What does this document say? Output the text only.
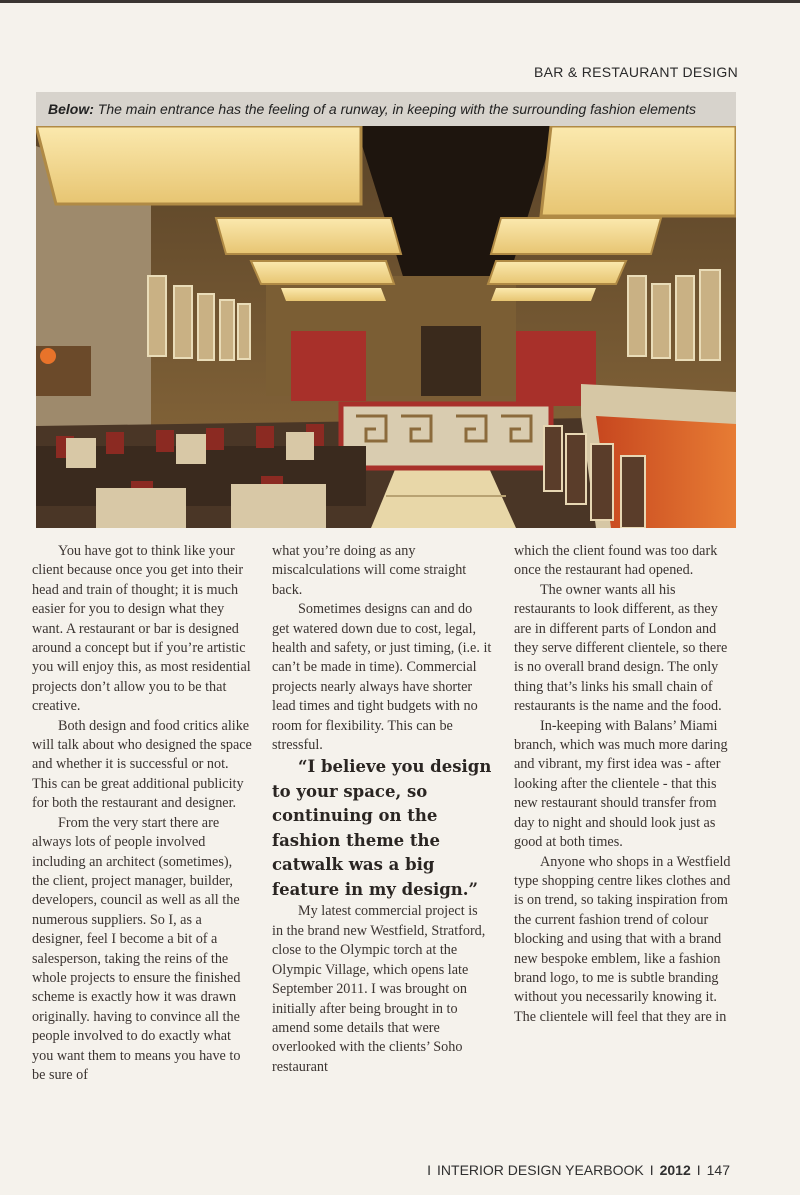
BAR & RESTAURANT DESIGN
Below: The main entrance has the feeling of a runway, in keeping with the surrounding fashion elements

You have got to think like your client because once you get into their head and train of thought; it is much easier for you to design what they want. A restaurant or bar is designed around a concept but if you’re artistic you will enjoy this, as most residential projects don’t allow you to be that creative.

Both design and food critics alike will talk about who designed the space and whether it is successful or not. This can be great additional publicity for both the restaurant and designer.

From the very start there are always lots of people involved including an architect (sometimes), the client, project manager, builder, developers, council as well as all the numerous suppliers. So I, as a designer, feel I become a bit of a salesperson, taking the reins of the whole projects to ensure the finished scheme is exactly how it was drawn originally. having to convince all the people involved to do exactly what you want them to means you have to be sure of

what you’re doing as any miscalculations will come straight back.

Sometimes designs can and do get watered down due to cost, legal, health and safety, or just timing, (i.e. it can’t be made in time). Commercial projects nearly always have shorter lead times and tight budgets with no room for flexibility. This can be stressful.

“I believe you design to your space, so continuing on the fashion theme the catwalk was a big feature in my design.”

My latest commercial project is in the brand new Westfield, Stratford, close to the Olympic torch at the Olympic Village, which opens late September 2011. I was brought on initially after being brought in to amend some details that were overlooked with the clients’ Soho restaurant

which the client found was too dark once the restaurant had opened.

The owner wants all his restaurants to look different, as they are in different parts of London and they serve different clientele, so there is no overall brand design. The only thing that’s links his small chain of restaurants is the name and the food.

In-keeping with Balans’ Miami branch, which was much more daring and vibrant, my first idea was - after looking after the clientele - that this new restaurant should transfer from day to night and should look just as good at both times.

Anyone who shops in a Westfield type shopping centre likes clothes and is on trend, so taking inspiration from the current fashion trend of colour blocking and using that with a brand new bespoke emblem, like a fashion brand logo, to me is subtle branding without you necessarily knowing it. The clientele will feel that they are in

I INTERIOR DESIGN YEARBOOK I 2012 I 147
